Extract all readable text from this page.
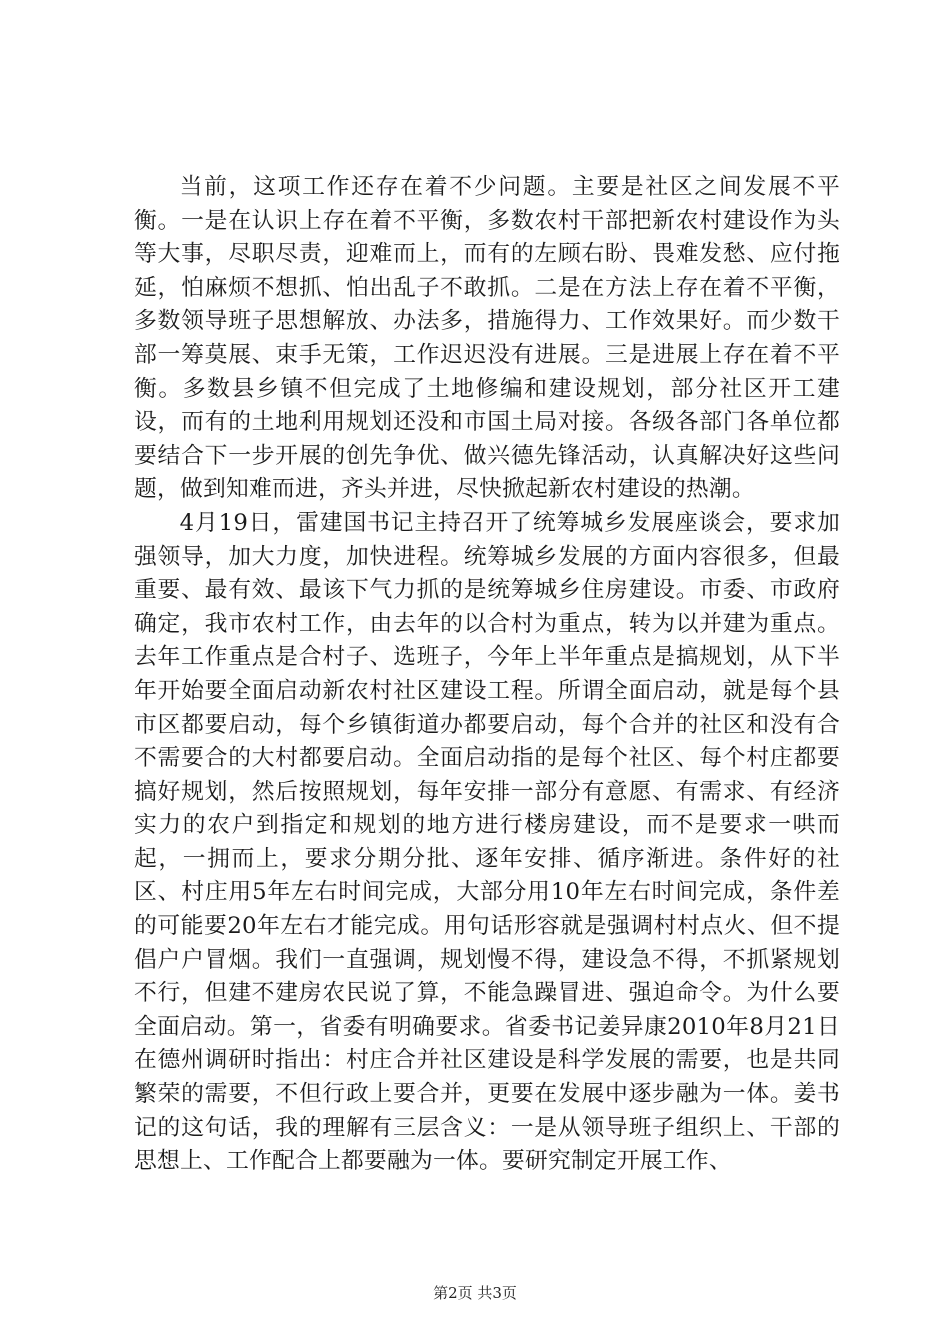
当前，这项工作还存在着不少问题。主要是社区之间发展不平衡。一是在认识上存在着不平衡，多数农村干部把新农村建设作为头等大事，尽职尽责，迎难而上，而有的左顾右盼、畏难发愁、应付拖延，怕麻烦不想抓、怕出乱子不敢抓。二是在方法上存在着不平衡，多数领导班子思想解放、办法多，措施得力、工作效果好。而少数干部一筹莫展、束手无策，工作迟迟没有进展。三是进展上存在着不平衡。多数县乡镇不但完成了土地修编和建设规划，部分社区开工建设，而有的土地利用规划还没和市国土局对接。各级各部门各单位都要结合下一步开展的创先争优、做兴德先锋活动，认真解决好这些问题，做到知难而进，齐头并进，尽快掀起新农村建设的热潮。

4月19日，雷建国书记主持召开了统筹城乡发展座谈会，要求加强领导，加大力度，加快进程。统筹城乡发展的方面内容很多，但最重要、最有效、最该下气力抓的是统筹城乡住房建设。市委、市政府确定，我市农村工作，由去年的以合村为重点，转为以并建为重点。去年工作重点是合村子、选班子，今年上半年重点是搞规划，从下半年开始要全面启动新农村社区建设工程。所谓全面启动，就是每个县市区都要启动，每个乡镇街道办都要启动，每个合并的社区和没有合不需要合的大村都要启动。全面启动指的是每个社区、每个村庄都要搞好规划，然后按照规划，每年安排一部分有意愿、有需求、有经济实力的农户到指定和规划的地方进行楼房建设，而不是要求一哄而起，一拥而上，要求分期分批、逐年安排、循序渐进。条件好的社区、村庄用5年左右时间完成，大部分用10年左右时间完成，条件差的可能要20年左右才能完成。用句话形容就是强调村村点火、但不提倡户户冒烟。我们一直强调，规划慢不得，建设急不得，不抓紧规划不行，但建不建房农民说了算，不能急躁冒进、强迫命令。为什么要全面启动。第一，省委有明确要求。省委书记姜异康2010年8月21日在德州调研时指出：村庄合并社区建设是科学发展的需要，也是共同繁荣的需要，不但行政上要合并，更要在发展中逐步融为一体。姜书记的这句话，我的理解有三层含义：一是从领导班子组织上、干部的思想上、工作配合上都要融为一体。要研究制定开展工作、

第2页 共3页
